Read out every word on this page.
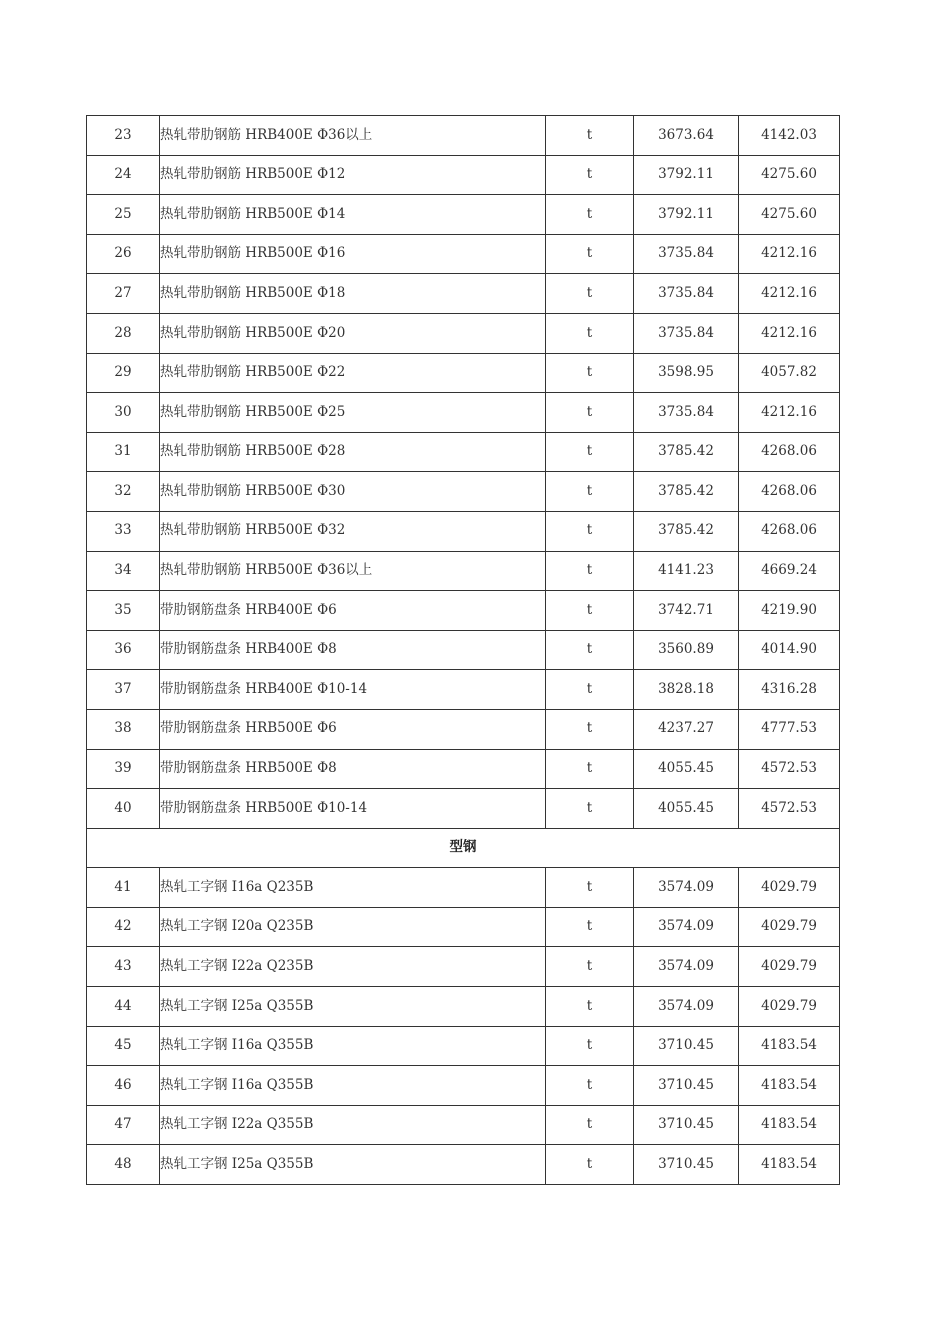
23	热轧带肋钢筋 HRB400E Φ36以上	t	3673.64	4142.03
24	热轧带肋钢筋 HRB500E Φ12	t	3792.11	4275.60
25	热轧带肋钢筋 HRB500E Φ14	t	3792.11	4275.60
26	热轧带肋钢筋 HRB500E Φ16	t	3735.84	4212.16
27	热轧带肋钢筋 HRB500E Φ18	t	3735.84	4212.16
28	热轧带肋钢筋 HRB500E Φ20	t	3735.84	4212.16
29	热轧带肋钢筋 HRB500E Φ22	t	3598.95	4057.82
30	热轧带肋钢筋 HRB500E Φ25	t	3735.84	4212.16
31	热轧带肋钢筋 HRB500E Φ28	t	3785.42	4268.06
32	热轧带肋钢筋 HRB500E Φ30	t	3785.42	4268.06
33	热轧带肋钢筋 HRB500E Φ32	t	3785.42	4268.06
34	热轧带肋钢筋 HRB500E Φ36以上	t	4141.23	4669.24
35	带肋钢筋盘条 HRB400E Φ6	t	3742.71	4219.90
36	带肋钢筋盘条 HRB400E Φ8	t	3560.89	4014.90
37	带肋钢筋盘条 HRB400E Φ10-14	t	3828.18	4316.28
38	带肋钢筋盘条 HRB500E Φ6	t	4237.27	4777.53
39	带肋钢筋盘条 HRB500E Φ8	t	4055.45	4572.53
40	带肋钢筋盘条 HRB500E Φ10-14	t	4055.45	4572.53
型钢				
41	热轧工字钢 I16a Q235B	t	3574.09	4029.79
42	热轧工字钢 I20a Q235B	t	3574.09	4029.79
43	热轧工字钢 I22a Q235B	t	3574.09	4029.79
44	热轧工字钢 I25a Q355B	t	3574.09	4029.79
45	热轧工字钢 I16a Q355B	t	3710.45	4183.54
46	热轧工字钢 I16a Q355B	t	3710.45	4183.54
47	热轧工字钢 I22a Q355B	t	3710.45	4183.54
48	热轧工字钢 I25a Q355B	t	3710.45	4183.54
